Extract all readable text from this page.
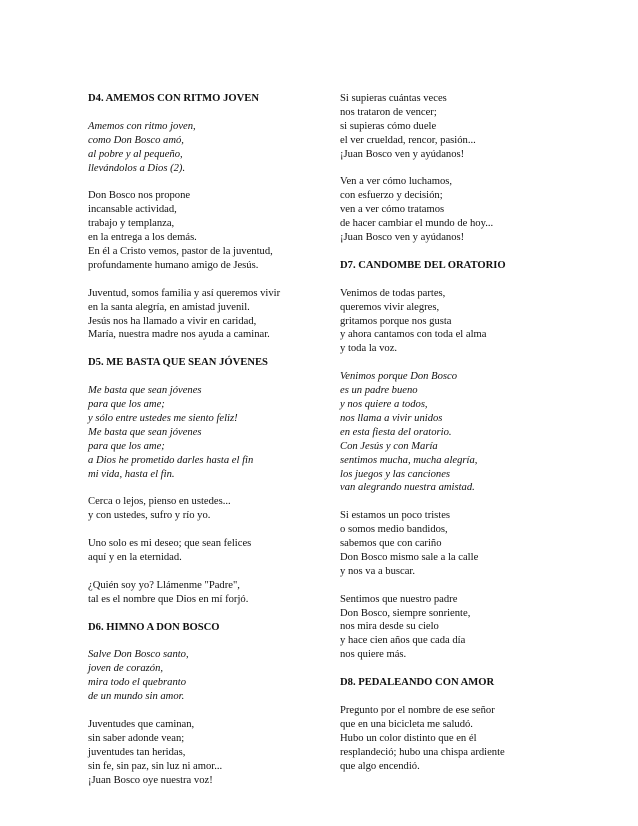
D4. AMEMOS CON RITMO JOVEN
Amemos con ritmo joven,
como Don Bosco amó,
al pobre y al pequeño,
llevándolos a Dios (2).
Don Bosco nos propone
incansable actividad,
trabajo y templanza,
en la entrega a los demás.
En él a Cristo vemos, pastor de la juventud,
profundamente humano amigo de Jesús.
Juventud, somos familia y así queremos vivir
en la santa alegría, en amistad juvenil.
Jesús nos ha llamado a vivir en caridad,
María, nuestra madre nos ayuda a caminar.
D5. ME BASTA QUE SEAN JÓVENES
Me basta que sean jóvenes
para que los ame;
y sólo entre ustedes me siento feliz!
Me basta que sean jóvenes
para que los ame;
a Dios he prometido darles hasta el fin
mi vida, hasta el fin.
Cerca o lejos, pienso en ustedes...
y con ustedes, sufro y río yo.
Uno solo es mi deseo; que sean felices
aquí y en la eternidad.
¿Quién soy yo? Llámenme "Padre",
tal es el nombre que Dios en mí forjó.
D6. HIMNO A DON BOSCO
Salve Don Bosco santo,
joven de corazón,
mira todo el quebranto
de un mundo sin amor.
Juventudes que caminan,
sin saber adonde vean;
juventudes tan heridas,
sin fe, sin paz, sin luz ni amor...
¡Juan Bosco oye nuestra voz!
Si supieras cuántas veces
nos trataron de vencer;
si supieras cómo duele
el ver crueldad, rencor, pasión...
¡Juan Bosco ven y ayúdanos!
Ven a ver cómo luchamos,
con esfuerzo y decisión;
ven a ver cómo tratamos
de hacer cambiar el mundo de hoy...
¡Juan Bosco ven y ayúdanos!
D7. CANDOMBE DEL ORATORIO
Venimos de todas partes,
queremos vivir alegres,
gritamos porque nos gusta
y ahora cantamos con toda el alma
y toda la voz.
Venimos porque Don Bosco
es un padre bueno
y nos quiere a todos,
nos llama a vivir unidos
en esta fiesta del oratorio.
Con Jesús y con María
sentimos mucha, mucha alegría,
los juegos y las canciones
van alegrando nuestra amistad.
Si estamos un poco tristes
o somos medio bandidos,
sabemos que con cariño
Don Bosco mismo sale a la calle
y nos va a buscar.
Sentimos que nuestro padre
Don Bosco, siempre sonriente,
nos mira desde su cielo
y hace cien años que cada día
nos quiere más.
D8. PEDALEANDO CON AMOR
Pregunto por el nombre de ese señor
que en una bicicleta me saludó.
Hubo un color distinto que en él
resplandeció; hubo una chispa ardiente
que algo encendió.
